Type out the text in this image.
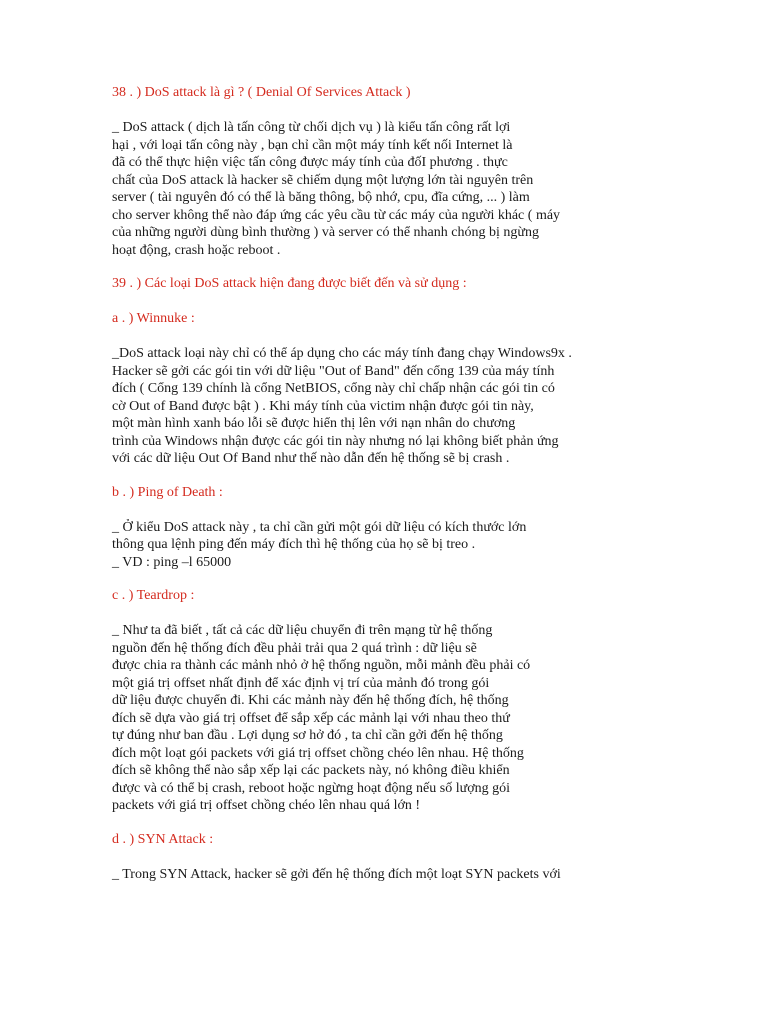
38 . ) DoS attack là gì ? ( Denial Of Services Attack )
_ DoS attack ( dịch là tấn công từ chối dịch vụ ) là kiểu tấn công rất lợi
hại , với loại tấn công này , bạn chỉ cần một máy tính kết nối Internet là
đã có thể thực hiện việc tấn công được máy tính của đốI phương . thực
chất của DoS attack là hacker sẽ chiếm dụng một lượng lớn tài nguyên trên
server ( tài nguyên đó có thể là băng thông, bộ nhớ, cpu, đĩa cứng, ... ) làm
cho server không thể nào đáp ứng các yêu cầu từ các máy của người khác ( máy
của những người dùng bình thường ) và server có thể nhanh chóng bị ngừng
hoạt động, crash hoặc reboot .
39 . ) Các loại DoS attack hiện đang được biết đến và sử dụng :
a . ) Winnuke :
_DoS attack loại này chỉ có thể áp dụng cho các máy tính đang chạy Windows9x .
Hacker sẽ gởi các gói tin với dữ liệu "Out of Band" đến cổng 139 của máy tính
đích ( Cổng 139 chính là cổng NetBIOS, cổng này chỉ chấp nhận các gói tin có
cờ Out of Band được bật ) . Khi máy tính của victim nhận được gói tin này,
một màn hình xanh báo lỗi sẽ được hiển thị lên với nạn nhân do chương
trình của Windows nhận được các gói tin này nhưng nó lại không biết phản ứng
với các dữ liệu Out Of Band như thế nào dẫn đến hệ thống sẽ bị crash .
b . ) Ping of Death :
_ Ở kiểu DoS attack này , ta chỉ cần gửi một gói dữ liệu có kích thước lớn
thông qua lệnh ping đến máy đích thì hệ thống của họ sẽ bị treo .
_ VD : ping –l 65000
c . ) Teardrop :
_ Như ta đã biết , tất cả các dữ liệu chuyển đi trên mạng từ hệ thống
nguồn đến hệ thống đích đều phải trải qua 2 quá trình : dữ liệu sẽ
được chia ra thành các mảnh nhỏ ở hệ thống nguồn, mỗi mảnh đều phải có
một giá trị offset nhất định để xác định vị trí của mảnh đó trong gói
dữ liệu được chuyển đi. Khi các mảnh này đến hệ thống đích, hệ thống
đích sẽ dựa vào giá trị offset để sắp xếp các mảnh lại với nhau theo thứ
tự đúng như ban đầu . Lợi dụng sơ hở đó , ta chỉ cần gởi đến hệ thống
đích một loạt gói packets với giá trị offset chồng chéo lên nhau. Hệ thống
đích sẽ không thể nào sắp xếp lại các packets này, nó không điều khiển
được và có thể bị crash, reboot hoặc ngừng hoạt động nếu số lượng gói
packets với giá trị offset chồng chéo lên nhau quá lớn !
d . ) SYN Attack :
_ Trong SYN Attack, hacker sẽ gởi đến hệ thống đích một loạt SYN packets với
